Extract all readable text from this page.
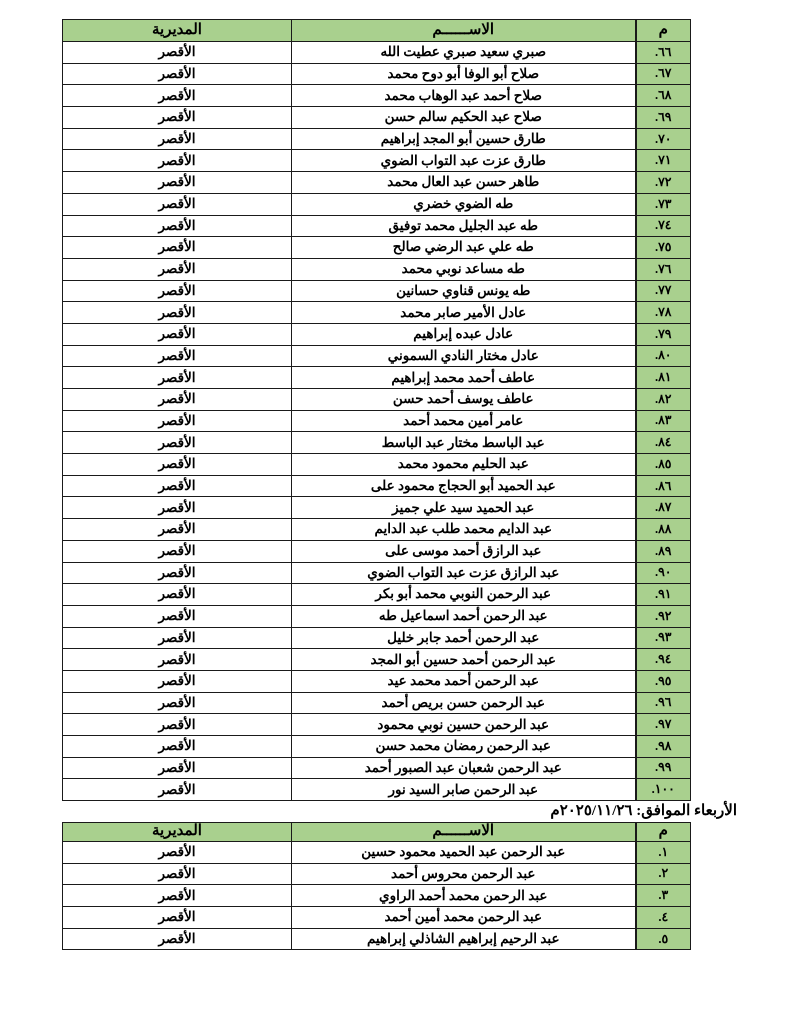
م	الاســــــم	المديرية
٦٦.	صبري سعيد صبري عطيت الله	الأقصر
٦٧.	صلاح أبو الوفا أبو دوح محمد	الأقصر
٦٨.	صلاح أحمد عبد الوهاب محمد	الأقصر
٦٩.	صلاح عبد الحكيم سالم حسن	الأقصر
٧٠.	طارق حسين أبو المجد إبراهيم	الأقصر
٧١.	طارق عزت عبد التواب الضوي	الأقصر
٧٢.	طاهر حسن عبد العال محمد	الأقصر
٧٣.	طه الضوي خضري	الأقصر
٧٤.	طه عبد الجليل محمد توفيق	الأقصر
٧٥.	طه علي عبد الرضي صالح	الأقصر
٧٦.	طه مساعد نوبي محمد	الأقصر
٧٧.	طه يونس قناوي حسانين	الأقصر
٧٨.	عادل الأمير صابر محمد	الأقصر
٧٩.	عادل عبده إبراهيم	الأقصر
٨٠.	عادل مختار النادي السموني	الأقصر
٨١.	عاطف أحمد محمد إبراهيم	الأقصر
٨٢.	عاطف يوسف أحمد حسن	الأقصر
٨٣.	عامر أمين محمد أحمد	الأقصر
٨٤.	عبد الباسط مختار عبد الباسط	الأقصر
٨٥.	عبد الحليم محمود محمد	الأقصر
٨٦.	عبد الحميد أبو الحجاج محمود على	الأقصر
٨٧.	عبد الحميد سيد علي جميز	الأقصر
٨٨.	عبد الدايم محمد طلب عبد الدايم	الأقصر
٨٩.	عبد الرازق أحمد موسى على	الأقصر
٩٠.	عبد الرازق عزت عبد التواب الضوي	الأقصر
٩١.	عبد الرحمن النوبي محمد أبو بكر	الأقصر
٩٢.	عبد الرحمن أحمد اسماعيل طه	الأقصر
٩٣.	عبد الرحمن أحمد جابر خليل	الأقصر
٩٤.	عبد الرحمن أحمد حسين أبو المجد	الأقصر
٩٥.	عبد الرحمن أحمد محمد عيد	الأقصر
٩٦.	عبد الرحمن حسن بريص أحمد	الأقصر
٩٧.	عبد الرحمن حسين نوبي محمود	الأقصر
٩٨.	عبد الرحمن رمضان محمد حسن	الأقصر
٩٩.	عبد الرحمن شعبان عبد الصبور أحمد	الأقصر
١٠٠.	عبد الرحمن صابر السيد نور	الأقصر
الأربعاء الموافق: ٢٠٢٥/١١/٢٦م
م	الاســــــم	المديرية
١.	عبد الرحمن عبد الحميد محمود حسين	الأقصر
٢.	عبد الرحمن محروس أحمد	الأقصر
٣.	عبد الرحمن محمد أحمد الراوي	الأقصر
٤.	عبد الرحمن محمد أمين أحمد	الأقصر
٥.	عبد الرحيم إبراهيم الشاذلي إبراهيم	الأقصر
